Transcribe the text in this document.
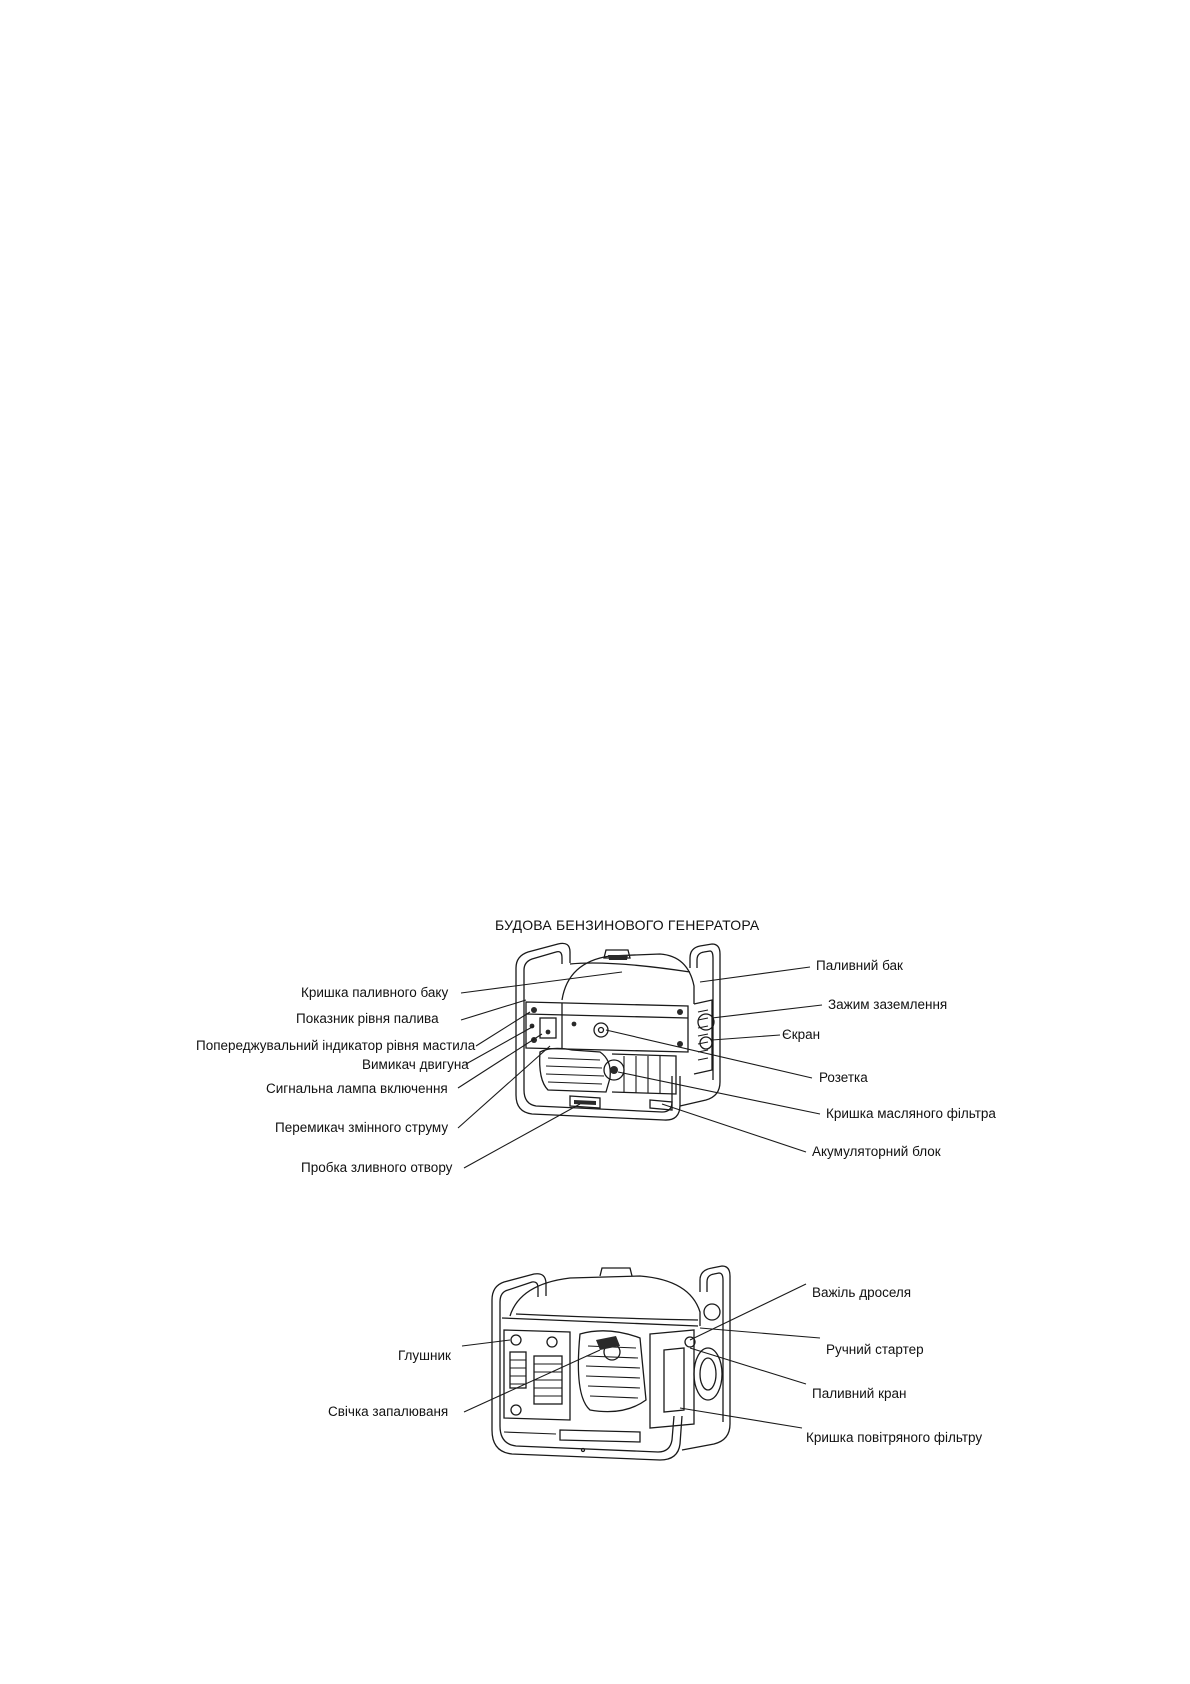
БУДОВА БЕНЗИНОВОГО ГЕНЕРАТОРА
Кришка паливного баку
Показник рівня палива
Попереджувальний індикатор рівня мастила
Вимикач двигуна
Сигнальна лампа включення
Перемикач змінного струму
Пробка зливного отвору
Паливний бак
Зажим заземлення
Єкран
Розетка
Кришка масляного фільтра
Акумуляторний блок
Глушник
Свічка запалюваня
Важіль дроселя
Ручний стартер
Паливний кран
Кришка повітряного фільтру
